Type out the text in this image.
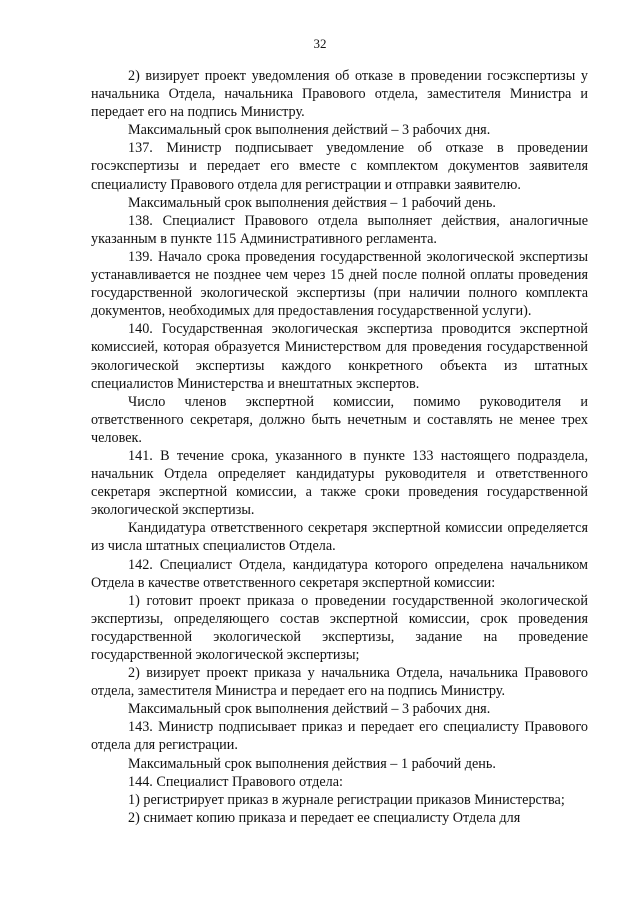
32

2) визирует проект уведомления об отказе в проведении госэкспертизы у начальника Отдела, начальника Правового отдела, заместителя Министра и передает его на подпись Министру.

Максимальный срок выполнения действий – 3 рабочих дня.

137. Министр подписывает уведомление об отказе в проведении госэкспертизы и передает его вместе с комплектом документов заявителя специалисту Правового отдела для регистрации и отправки заявителю.

Максимальный срок выполнения действия – 1 рабочий день.

138. Специалист Правового отдела выполняет действия, аналогичные указанным в пункте 115 Административного регламента.

139. Начало срока проведения государственной экологической экспертизы устанавливается не позднее чем через 15 дней после полной оплаты проведения государственной экологической экспертизы (при наличии полного комплекта документов, необходимых для предоставления государственной услуги).

140. Государственная экологическая экспертиза проводится экспертной комиссией, которая образуется Министерством для проведения государственной экологической экспертизы каждого конкретного объекта из штатных специалистов Министерства и внештатных экспертов.

Число членов экспертной комиссии, помимо руководителя и ответственного секретаря, должно быть нечетным и составлять не менее трех человек.

141. В течение срока, указанного в пункте 133 настоящего подраздела, начальник Отдела определяет кандидатуры руководителя и ответственного секретаря экспертной комиссии, а также сроки проведения государственной экологической экспертизы.

Кандидатура ответственного секретаря экспертной комиссии определяется из числа штатных специалистов Отдела.

142. Специалист Отдела, кандидатура которого определена начальником Отдела в качестве ответственного секретаря экспертной комиссии:

1) готовит проект приказа о проведении государственной экологической экспертизы, определяющего состав экспертной комиссии, срок проведения государственной экологической экспертизы, задание на проведение государственной экологической экспертизы;

2) визирует проект приказа у начальника Отдела, начальника Правового отдела, заместителя Министра и передает его на подпись Министру.

Максимальный срок выполнения действий – 3 рабочих дня.

143. Министр подписывает приказ и передает его специалисту Правового отдела для регистрации.

Максимальный срок выполнения действия – 1 рабочий день.

144. Специалист Правового отдела:

1) регистрирует приказ в журнале регистрации приказов Министерства;

2) снимает копию приказа и передает ее специалисту Отдела для
